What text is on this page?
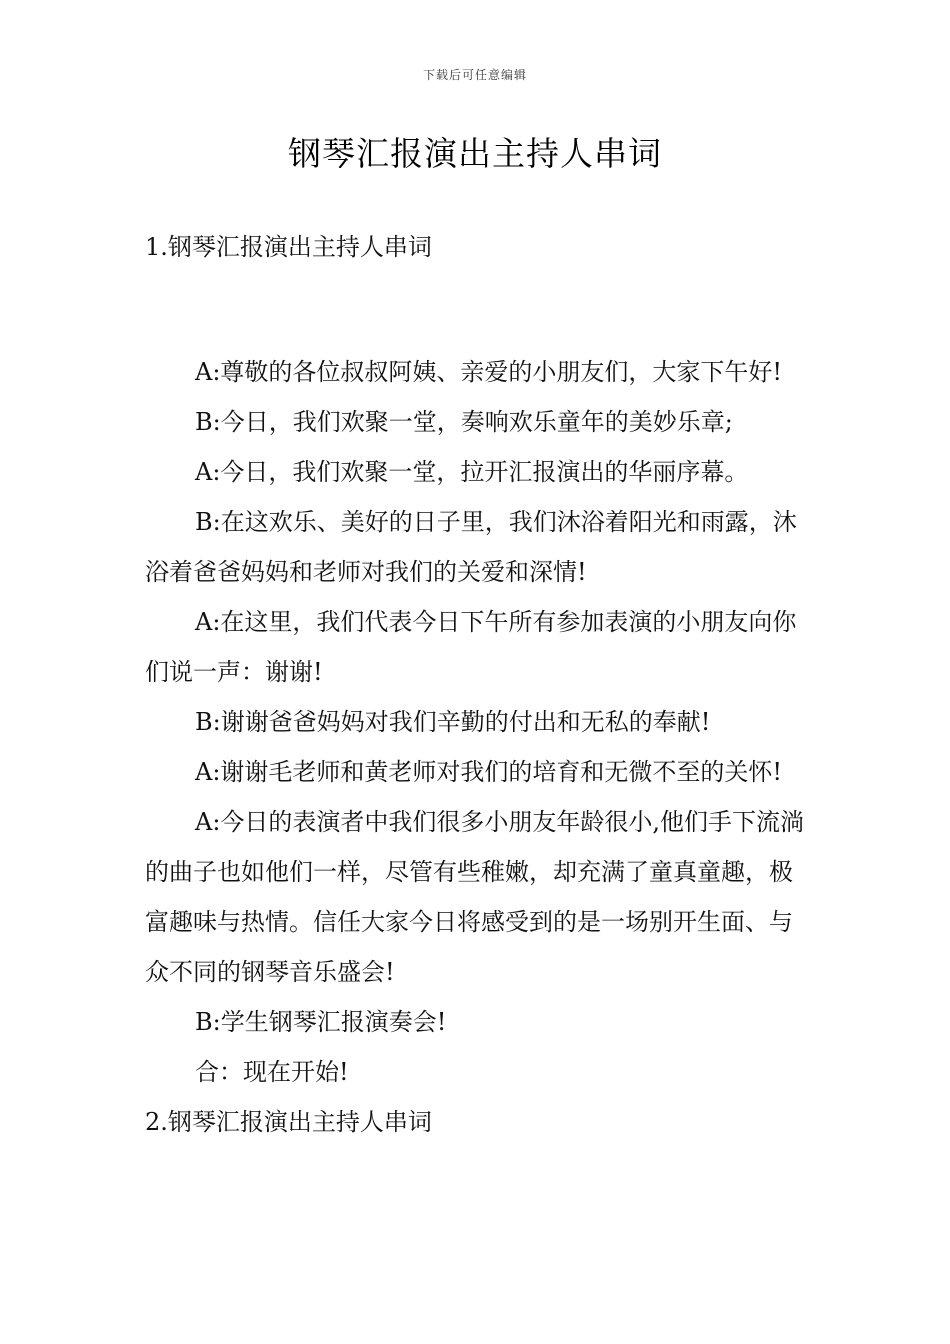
下载后可任意编辑
钢琴汇报演出主持人串词
1.钢琴汇报演出主持人串词

A:尊敬的各位叔叔阿姨、亲爱的小朋友们，大家下午好!

B:今日，我们欢聚一堂，奏响欢乐童年的美妙乐章;

A:今日，我们欢聚一堂，拉开汇报演出的华丽序幕。

B:在这欢乐、美好的日子里，我们沐浴着阳光和雨露，沐浴着爸爸妈妈和老师对我们的关爱和深情!

A:在这里，我们代表今日下午所有参加表演的小朋友向你们说一声：谢谢!

B:谢谢爸爸妈妈对我们辛勤的付出和无私的奉献!

A:谢谢毛老师和黄老师对我们的培育和无微不至的关怀!

A:今日的表演者中我们很多小朋友年龄很小,他们手下流淌的曲子也如他们一样，尽管有些稚嫩，却充满了童真童趣，极富趣味与热情。信任大家今日将感受到的是一场别开生面、与众不同的钢琴音乐盛会!

B:学生钢琴汇报演奏会!

合：现在开始!

2.钢琴汇报演出主持人串词
